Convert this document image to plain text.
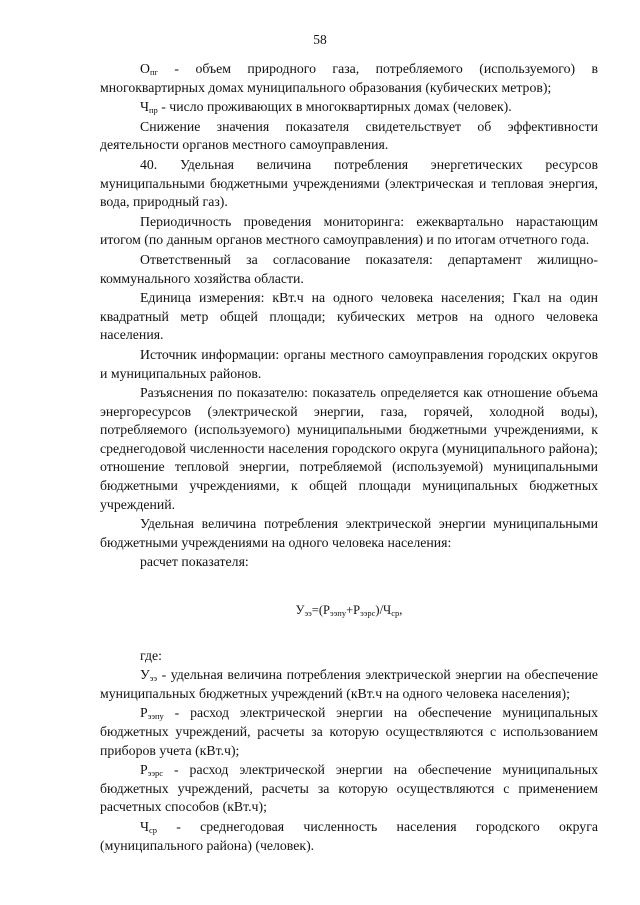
58

$О_{пг}$ - объем природного газа, потребляемого (используемого) в многоквартирных домах муниципального образования (кубических метров);

$Ч_{пр}$ - число проживающих в многоквартирных домах (человек).

Снижение значения показателя свидетельствует об эффективности деятельности органов местного самоуправления.

40. Удельная величина потребления энергетических ресурсов муниципальными бюджетными учреждениями (электрическая и тепловая энергия, вода, природный газ).

Периодичность проведения мониторинга: ежеквартально нарастающим итогом (по данным органов местного самоуправления) и по итогам отчетного года.

Ответственный за согласование показателя: департамент жилищно-коммунального хозяйства области.

Единица измерения: кВт.ч на одного человека населения; Гкал на один квадратный метр общей площади; кубических метров на одного человека населения.

Источник информации: органы местного самоуправления городских округов и муниципальных районов.

Разъяснения по показателю: показатель определяется как отношение объема энергоресурсов (электрической энергии, газа, горячей, холодной воды), потребляемого (используемого) муниципальными бюджетными учреждениями, к среднегодовой численности населения городского округа (муниципального района); отношение тепловой энергии, потребляемой (используемой) муниципальными бюджетными учреждениями, к общей площади муниципальных бюджетных учреждений.

Удельная величина потребления электрической энергии муниципальными бюджетными учреждениями на одного человека населения:

расчет показателя:

$У_{ээ}=(Р_{ээпу}+Р_{ээрс})/Ч_{ср}$,

где:

$У_{ээ}$ - удельная величина потребления электрической энергии на обеспечение муниципальных бюджетных учреждений (кВт.ч на одного человека населения);

$Р_{ээпу}$ - расход электрической энергии на обеспечение муниципальных бюджетных учреждений, расчеты за которую осуществляются с использованием приборов учета (кВт.ч);

$Р_{ээрс}$ - расход электрической энергии на обеспечение муниципальных бюджетных учреждений, расчеты за которую осуществляются с применением расчетных способов (кВт.ч);

$Ч_{ср}$ - среднегодовая численность населения городского округа (муниципального района) (человек).
